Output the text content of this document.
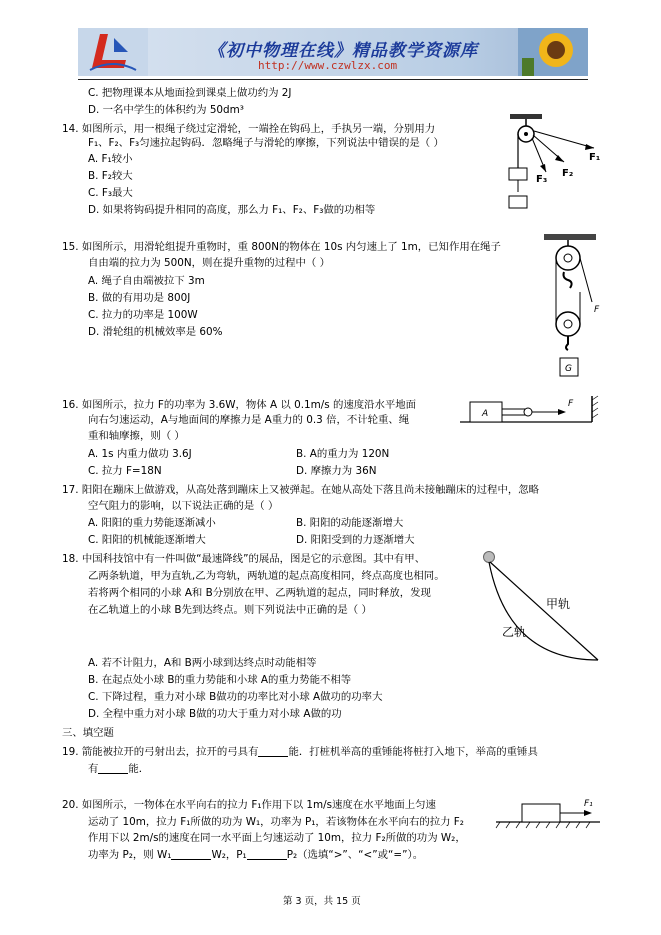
《初中物理在线》精品教学资源库
http://www.czwlzx.com
C. 把物理课本从地面捡到课桌上做功约为 2J
D. 一名中学生的体积约为 50dm³
14. 如图所示，用一根绳子绕过定滑轮，一端拴在钩码上，手执另一端，分别用力
F₁、F₂、F₃匀速拉起钩码．忽略绳子与滑轮的摩擦，下列说法中错误的是（ ）
A. F₁较小
B. F₂较大
C. F₃最大
D. 如果将钩码提升相同的高度，那么力 F₁、F₂、F₃做的功相等
F₁
F₂
F₃
15. 如图所示，用滑轮组提升重物时，重 800N的物体在 10s 内匀速上了 1m，已知作用在绳子
自由端的拉力为 500N，则在提升重物的过程中（ ）
A. 绳子自由端被拉下 3m
B. 做的有用功是 800J
C. 拉力的功率是 100W
D. 滑轮组的机械效率是 60%
G
F
16. 如图所示，拉力 F的功率为 3.6W，物体 A 以 0.1m/s 的速度沿水平地面
向右匀速运动，A与地面间的摩擦力是 A重力的 0.3 倍，不计轮重、绳
重和轴摩擦，则（ ）
A. 1s 内重力做功 3.6J	B. A的重力为 120N
C. 拉力 F=18N	D. 摩擦力为 36N
A
F
17. 阳阳在蹦床上做游戏，从高处落到蹦床上又被弹起。在她从高处下落且尚未接触蹦床的过程中，忽略
空气阻力的影响，以下说法正确的是（ ）
A. 阳阳的重力势能逐渐减小	B. 阳阳的动能逐渐增大
C. 阳阳的机械能逐渐增大	D. 阳阳受到的力逐渐增大
18. 中国科技馆中有一件叫做“最速降线”的展品，图是它的示意图。其中有甲、
乙两条轨道，甲为直轨,乙为弯轨，两轨道的起点高度相同，终点高度也相同。
若将两个相同的小球 A和 B分别放在甲、乙两轨道的起点，同时释放，发现
在乙轨道上的小球 B先到达终点。则下列说法中正确的是（ ）
A. 若不计阻力，A和 B两小球到达终点时动能相等
B. 在起点处小球 B的重力势能和小球 A的重力势能不相等
C. 下降过程，重力对小球 B做功的功率比对小球 A做功的功率大
D. 全程中重力对小球 B做的功大于重力对小球 A做的功
甲轨
乙轨
三、填空题
19. 箭能被拉开的弓射出去，拉开的弓具有	能．打桩机举高的重锤能将桩打入地下，举高的重锤具
有	能．
20. 如图所示，一物体在水平向右的拉力 F₁作用下以 1m/s速度在水平地面上匀速
运动了 10m，拉力 F₁所做的功为 W₁，功率为 P₁，若该物体在水平向右的拉力 F₂
作用下以 2m/s的速度在同一水平面上匀速运动了 10m，拉力 F₂所做的功为 W₂，
功率为 P₂，则 W₁	W₂，P₁	P₂（选填“>”、“<”或“=”）。
F₁
第 3 页，共 15 页
